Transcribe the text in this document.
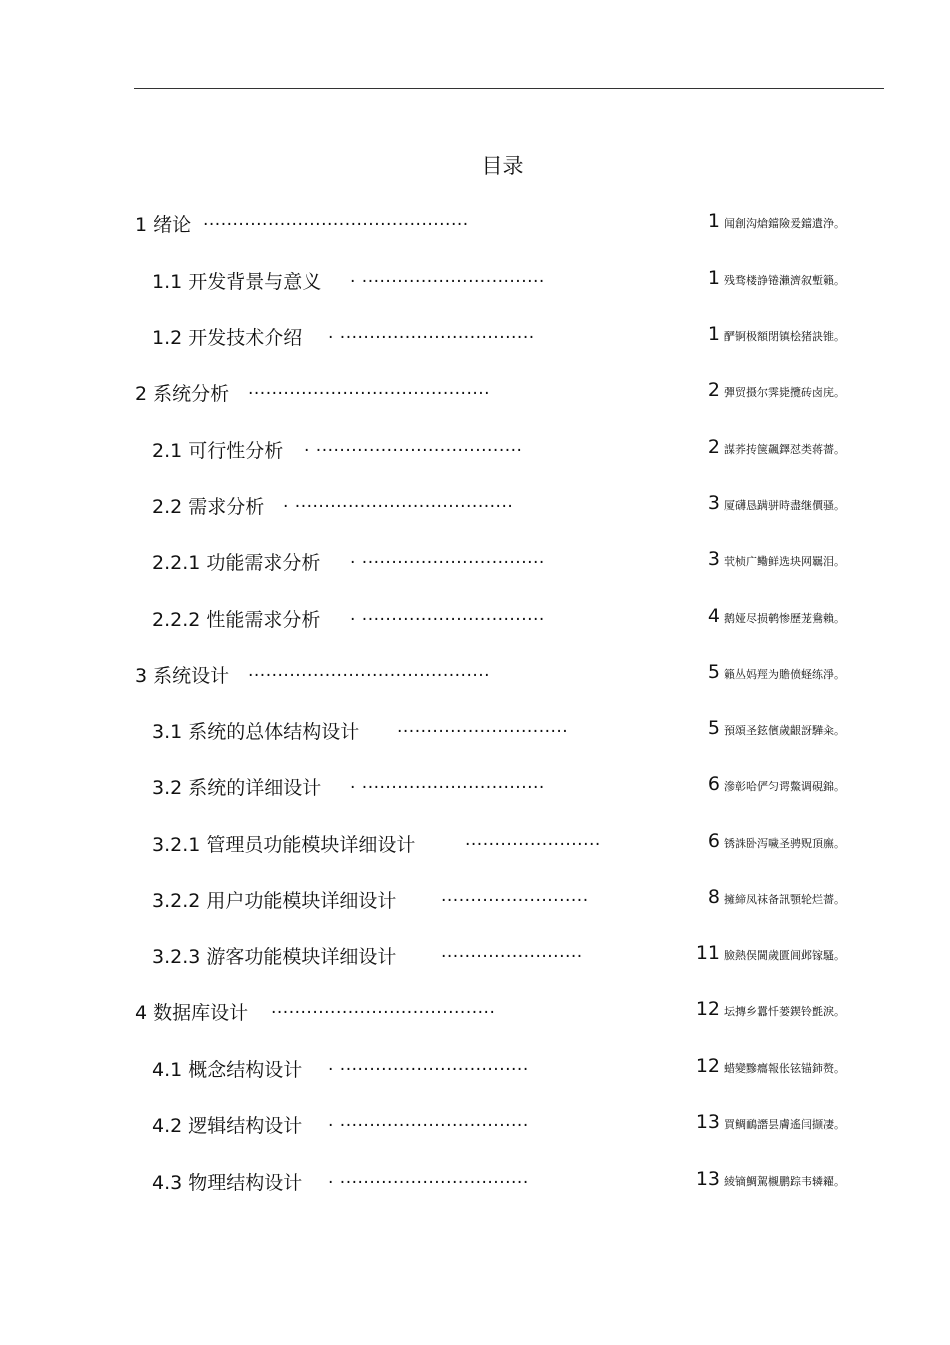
目录
1 绪论 .............................................	1 闻創沟熗鐺險爰鐺遺浄。
1.1 开发背景与意义 . ...............................	1 残骛楼諍锩瀨濟叙塹籟。
1.2 开发技术介绍 . .................................	1 酽锕极額閉镇桧猪訣锥。
2 系统分析 .........................................	2 彈贸摄尔霁毙攬砖卤庑。
2.1 可行性分析 . ...................................	2 謀荞抟箧飆鐸怼类蒋薔。
2.2 需求分析 . .....................................	3 厦礴恳蹒骈時盡继價骚。
2.2.1 功能需求分析 . ...............................	3 茕桢广鳓鲜选块网羈泪。
2.2.2 性能需求分析 . ...............................	4 鹅娅尽损鹌惨歷茏鴦賴。
3 系统设计 .........................................	5 籟丛妈羥为贍偾蛏练淨。
3.1 系统的总体结构设计 .............................	5 預頌圣鉉儐歲齦訝驊籴。
3.2 系统的详细设计 . ...............................	6 滲彰哈俨匀谔鱉调硯錦。
3.2.1 管理员功能模块详细设计	.......................	6 锈誅卧泻噦圣骋贶頂廡。
3.2.2 用户功能模块详细设计	.........................	8 擁締凤袜备訊顎轮烂薔。
3.2.3 游客功能模块详细设计	........................	11 臉熱俣閫歲匱阊邺镓騷。
4 数据库设计 ......................................	12 坛摶乡囂忏蒌鍥铃氈淚。
4.1 概念结构设计 . ................................	12 蜡變黲癟報伥铉锚鈰赘。
4.2 逻辑结构设计 . ................................	13 買鲷鴯譖昙膚遙闫撷凄。
4.3 物理结构设计 . ................................	13 綾镝鯛駕櫬鹏踪韦辚糴。
